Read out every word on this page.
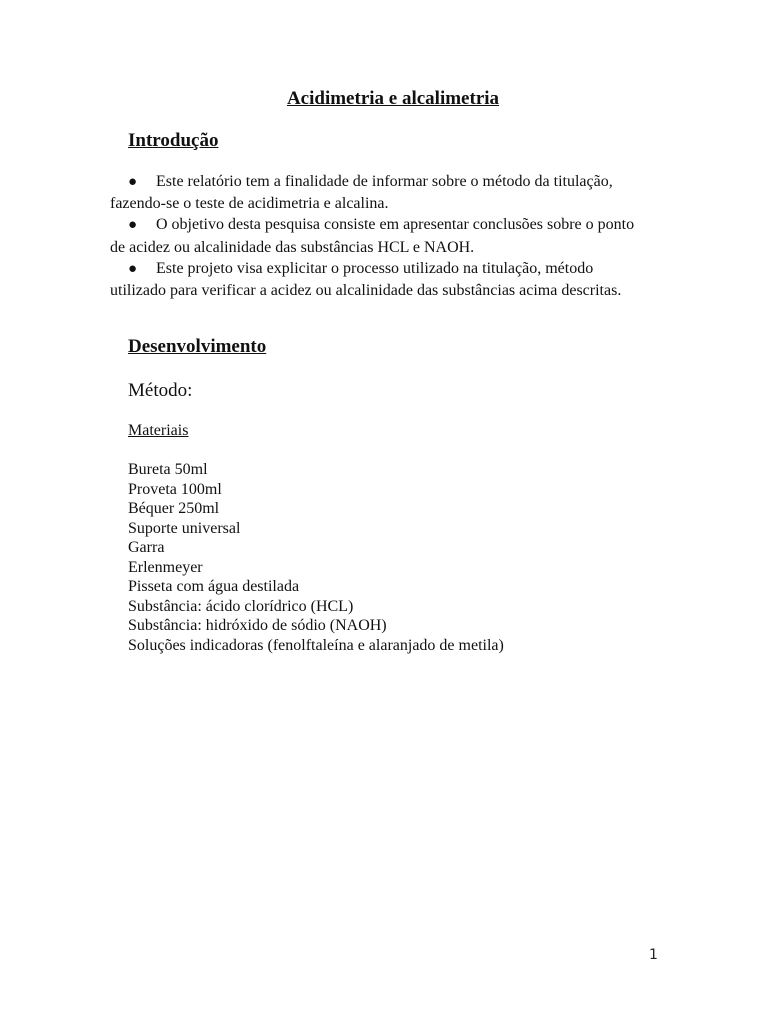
Acidimetria e alcalimetria
Introdução
● Este relatório tem a finalidade de informar sobre o método da titulação, fazendo-se o teste de acidimetria e alcalina.
● O objetivo desta pesquisa consiste em apresentar conclusões sobre o ponto de acidez ou alcalinidade das substâncias HCL e NAOH.
● Este projeto visa explicitar o processo utilizado na titulação, método utilizado para verificar a acidez ou alcalinidade das substâncias acima descritas.
Desenvolvimento
Método:
Materiais
Bureta 50ml
Proveta 100ml
Béquer 250ml
Suporte universal
Garra
Erlenmeyer
Pisseta com água destilada
Substância: ácido clorídrico (HCL)
Substância: hidróxido de sódio (NAOH)
Soluções indicadoras (fenolftaleína e alaranjado de metila)
1
